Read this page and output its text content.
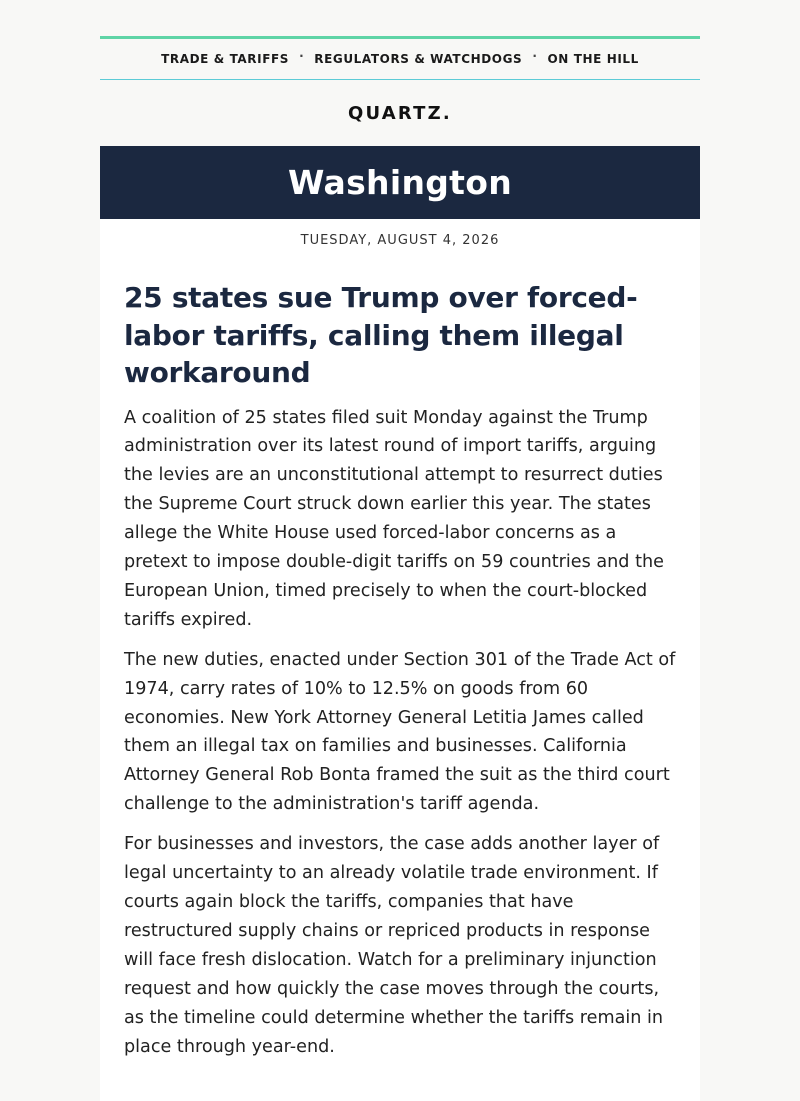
TRADE & TARIFFS · REGULATORS & WATCHDOGS · ON THE HILL
QUARTZ.
Washington
TUESDAY, AUGUST 4, 2026
25 states sue Trump over forced-labor tariffs, calling them illegal workaround

A coalition of 25 states filed suit Monday against the Trump administration over its latest round of import tariffs, arguing the levies are an unconstitutional attempt to resurrect duties the Supreme Court struck down earlier this year. The states allege the White House used forced-labor concerns as a pretext to impose double-digit tariffs on 59 countries and the European Union, timed precisely to when the court-blocked tariffs expired.

The new duties, enacted under Section 301 of the Trade Act of 1974, carry rates of 10% to 12.5% on goods from 60 economies. New York Attorney General Letitia James called them an illegal tax on families and businesses. California Attorney General Rob Bonta framed the suit as the third court challenge to the administration's tariff agenda.

For businesses and investors, the case adds another layer of legal uncertainty to an already volatile trade environment. If courts again block the tariffs, companies that have restructured supply chains or repriced products in response will face fresh dislocation. Watch for a preliminary injunction request and how quickly the case moves through the courts, as the timeline could determine whether the tariffs remain in place through year-end.
